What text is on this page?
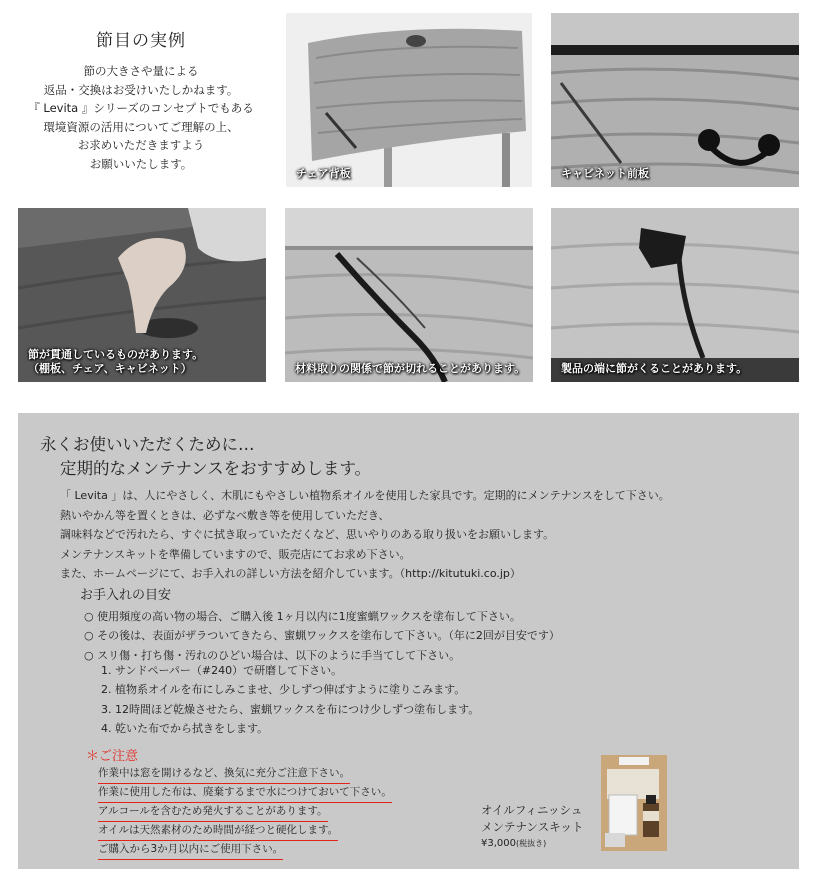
節目の実例
節の大きさや量による
返品・交換はお受けいたしかねます。
『 Levita 』シリーズのコンセプトでもある
環境資源の活用についてご理解の上、
お求めいただきますよう
お願いいたします。
チェア背板	キャビネット前板
節が貫通しているものがあります。
（棚板、チェア、キャビネット）	材料取りの関係で節が切れることがあります。	製品の端に節がくることがあります。
永くお使いいただくために…
定期的なメンテナンスをおすすめします。
「 Levita 」は、人にやさしく、木肌にもやさしい植物系オイルを使用した家具です。定期的にメンテナンスをして下さい。
熱いやかん等を置くときは、必ずなべ敷き等を使用していただき、
調味料などで汚れたら、すぐに拭き取っていただくなど、思いやりのある取り扱いをお願いします。
メンテナンスキットを準備していますので、販売店にてお求め下さい。
また、ホームページにて、お手入れの詳しい方法を紹介しています。（http://kitutuki.co.jp）
お手入れの目安
○ 使用頻度の高い物の場合、ご購入後 1ヶ月以内に1度蜜蝋ワックスを塗布して下さい。
○ その後は、表面がザラついてきたら、蜜蝋ワックスを塗布して下さい。（年に2回が目安です）
○ スリ傷・打ち傷・汚れのひどい場合は、以下のように手当てして下さい。
1. サンドペーパー（#240）で研磨して下さい。
2. 植物系オイルを布にしみこませ、少しずつ伸ばすように塗りこみます。
3. 12時間ほど乾燥させたら、蜜蝋ワックスを布につけ少しずつ塗布します。
4. 乾いた布でから拭きをします。
＊ご注意
作業中は窓を開けるなど、換気に充分ご注意下さい。
作業に使用した布は、廃棄するまで水につけておいて下さい。
アルコールを含むため発火することがあります。
オイルは天然素材のため時間が経つと硬化します。
ご購入から3か月以内にご使用下さい。
オイルフィニッシュ
メンテナンスキット
¥3,000(税抜き)
